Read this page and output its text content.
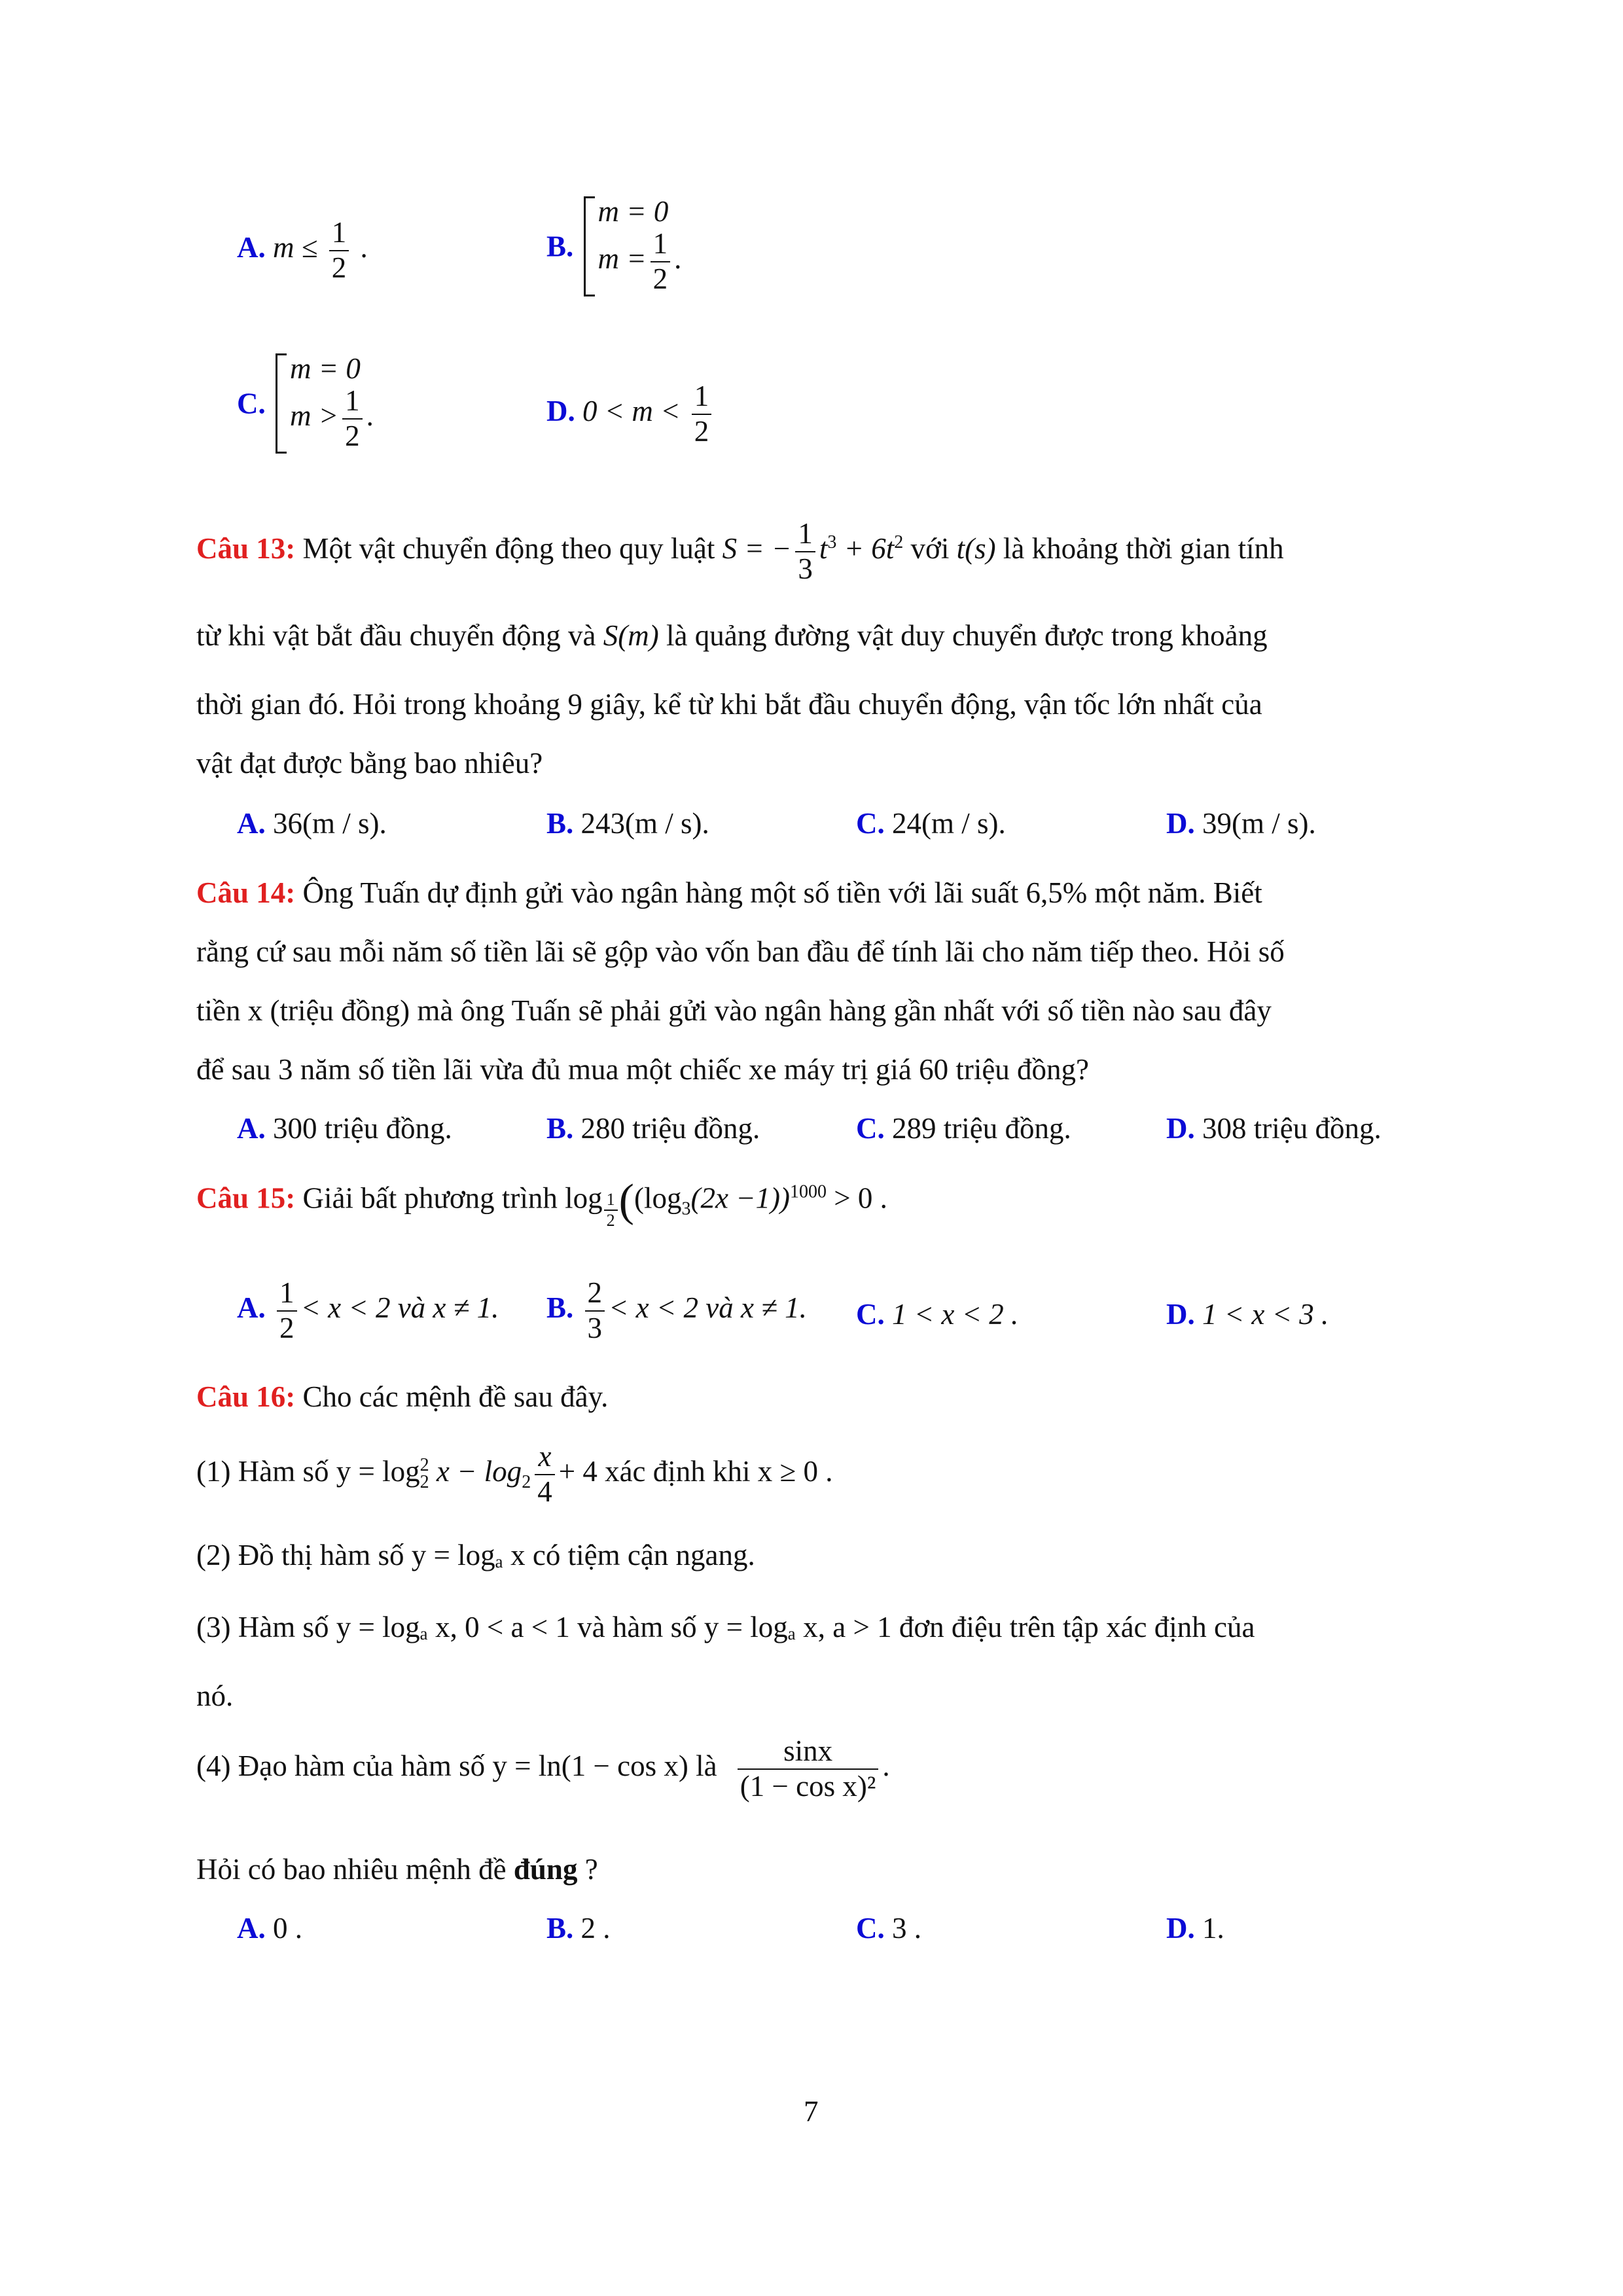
A. $m \le \frac{1}{2}$ .	B.
m = 0
$m = \frac{1}{2}$ .
C.
m = 0
$m > \frac{1}{2}$ .	D. $0 < m < \frac{1}{2}$
Câu 13: Một vật chuyển động theo quy luật S = − $\frac{1}{3} t^3 + 6t^2$ với t(s) là khoảng thời gian tính
từ khi vật bắt đầu chuyển động và S(m) là quảng đường vật duy chuyển được trong khoảng
thời gian đó. Hỏi trong khoảng 9 giây, kể từ khi bắt đầu chuyển động, vận tốc lớn nhất của
vật đạt được bằng bao nhiêu?
A. 36(m / s).	B. 243(m / s).	C. 24(m / s).	D. 39(m / s).
Câu 14: Ông Tuấn dự định gửi vào ngân hàng một số tiền với lãi suất 6,5% một năm. Biết
rằng cứ sau mỗi năm số tiền lãi sẽ gộp vào vốn ban đầu để tính lãi cho năm tiếp theo. Hỏi số
tiền x (triệu đồng) mà ông Tuấn sẽ phải gửi vào ngân hàng gần nhất với số tiền nào sau đây
để sau 3 năm số tiền lãi vừa đủ mua một chiếc xe máy trị giá 60 triệu đồng?
A. 300 triệu đồng.	B. 280 triệu đồng.	C. 289 triệu đồng.	D. 308 triệu đồng.
Câu 15: Giải bất phương trình $\log \frac{1}{2} ((\log_3(2x -1))^{1000} > 0$ .
A. $\frac{1}{2} < x < 2$ và x ≠ 1. B. $\frac{2}{3} < x < 2$ và x ≠ 1. C. 1 < x < 2 .	D. 1 < x < 3 .
Câu 16: Cho các mệnh đề sau đây.
(1) Hàm số $y = \log^2_2 x - \log_2 \frac{x}{4} + 4$ xác định khi x ≥ 0 .
(2) Đồ thị hàm số y = logₐ x có tiệm cận ngang.
(3) Hàm số y = logₐ x, 0 < a < 1 và hàm số y = logₐ x, a > 1 đơn điệu trên tập xác định của
nó.
(4) Đạo hàm của hàm số y = ln(1 − cos x) là $\frac{\sin x}{\text{(1 − cos x)²}}$ .
Hỏi có bao nhiêu mệnh đề đúng ?
A. 0 .	B. 2 .	C. 3 .	D. 1.
7
